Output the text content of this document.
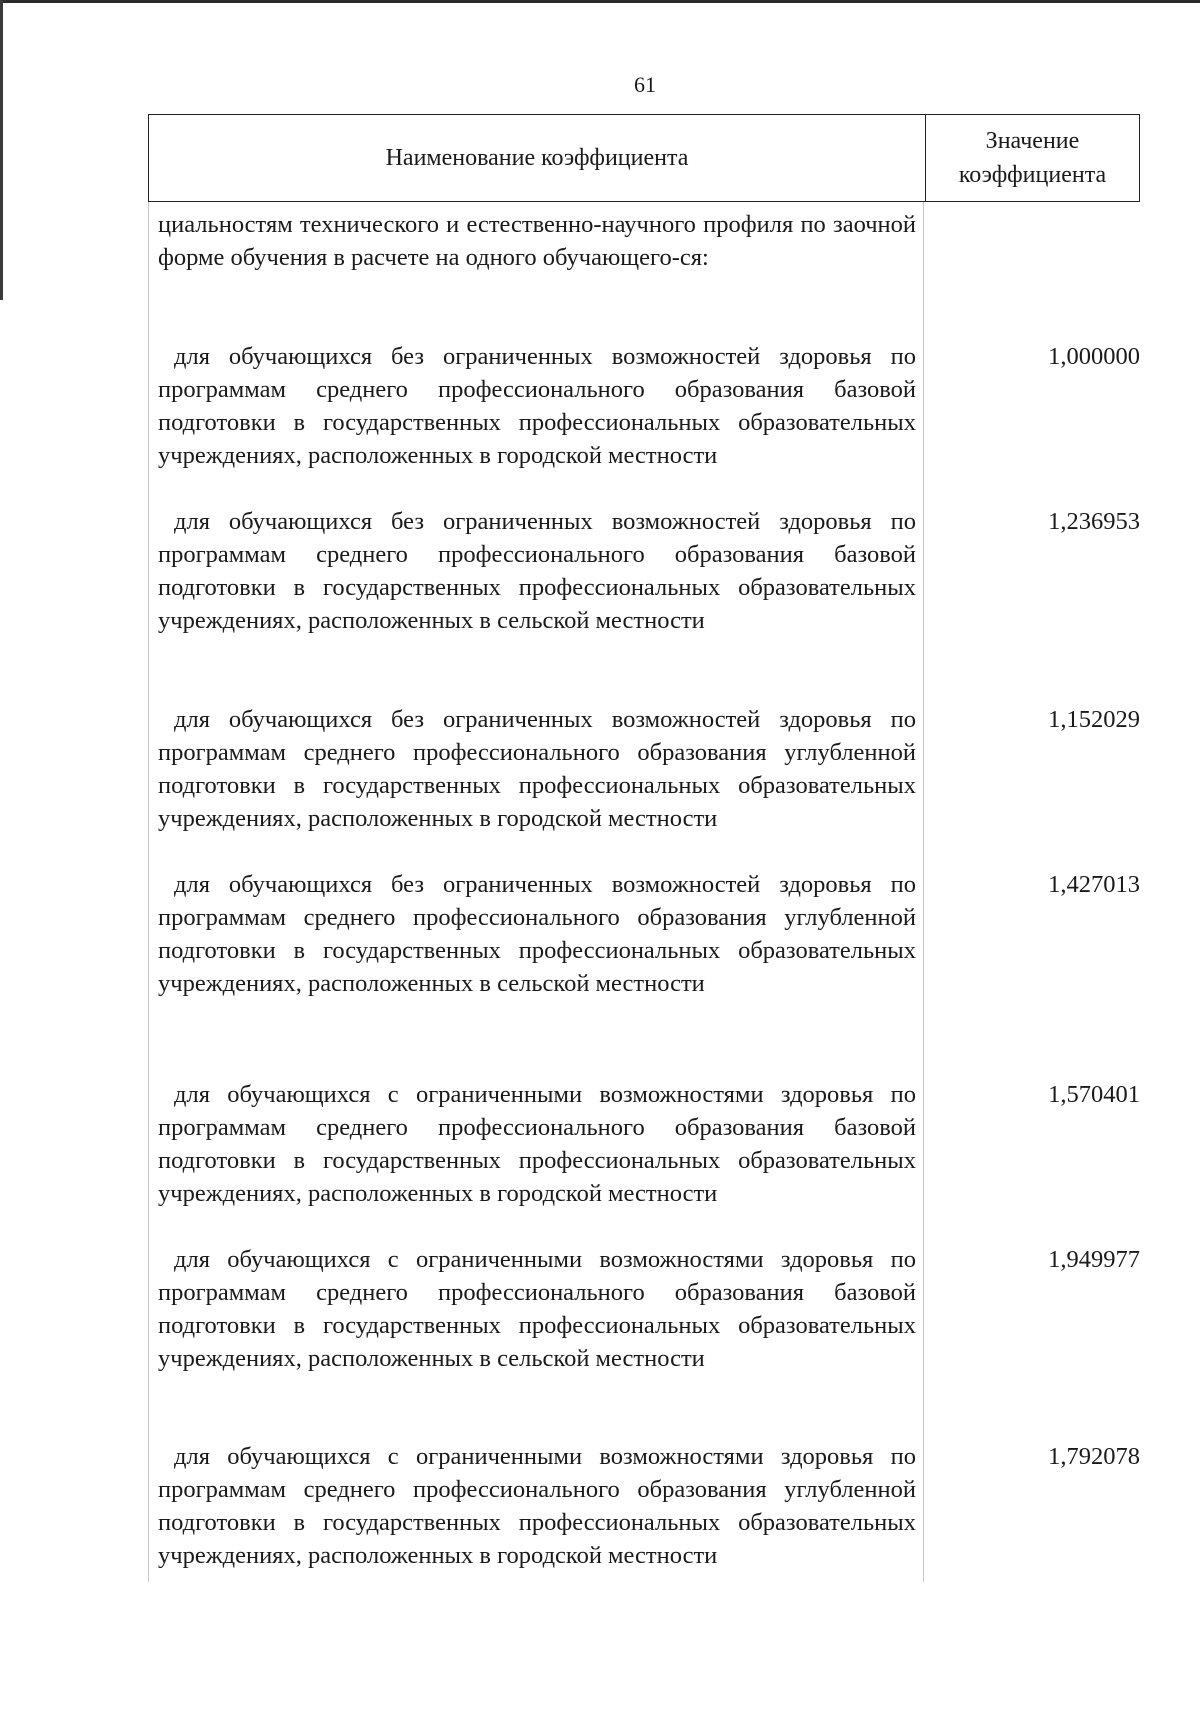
61
Наименование коэффициента
Значение
коэффициента
циальностям технического и естественно-научного профиля по заочной форме обучения в расчете на одного обучающего-ся:
для обучающихся без ограниченных возможностей здоровья по программам среднего профессионального образования базовой подготовки в государственных профессиональных образовательных учреждениях, расположенных в городской местности
1,000000
для обучающихся без ограниченных возможностей здоровья по программам среднего профессионального образования базовой подготовки в государственных профессиональных образовательных учреждениях, расположенных в сельской местности
1,236953
для обучающихся без ограниченных возможностей здоровья по программам среднего профессионального образования углубленной подготовки в государственных профессиональных образовательных учреждениях, расположенных в городской местности
1,152029
для обучающихся без ограниченных возможностей здоровья по программам среднего профессионального образования углубленной подготовки в государственных профессиональных образовательных учреждениях, расположенных в сельской местности
1,427013
для обучающихся с ограниченными возможностями здоровья по программам среднего профессионального образования базовой подготовки в государственных профессиональных образовательных учреждениях, расположенных в городской местности
1,570401
для обучающихся с ограниченными возможностями здоровья по программам среднего профессионального образования базовой подготовки в государственных профессиональных образовательных учреждениях, расположенных в сельской местности
1,949977
для обучающихся с ограниченными возможностями здоровья по программам среднего профессионального образования углубленной подготовки в государственных профессиональных образовательных учреждениях, расположенных в городской местности
1,792078
